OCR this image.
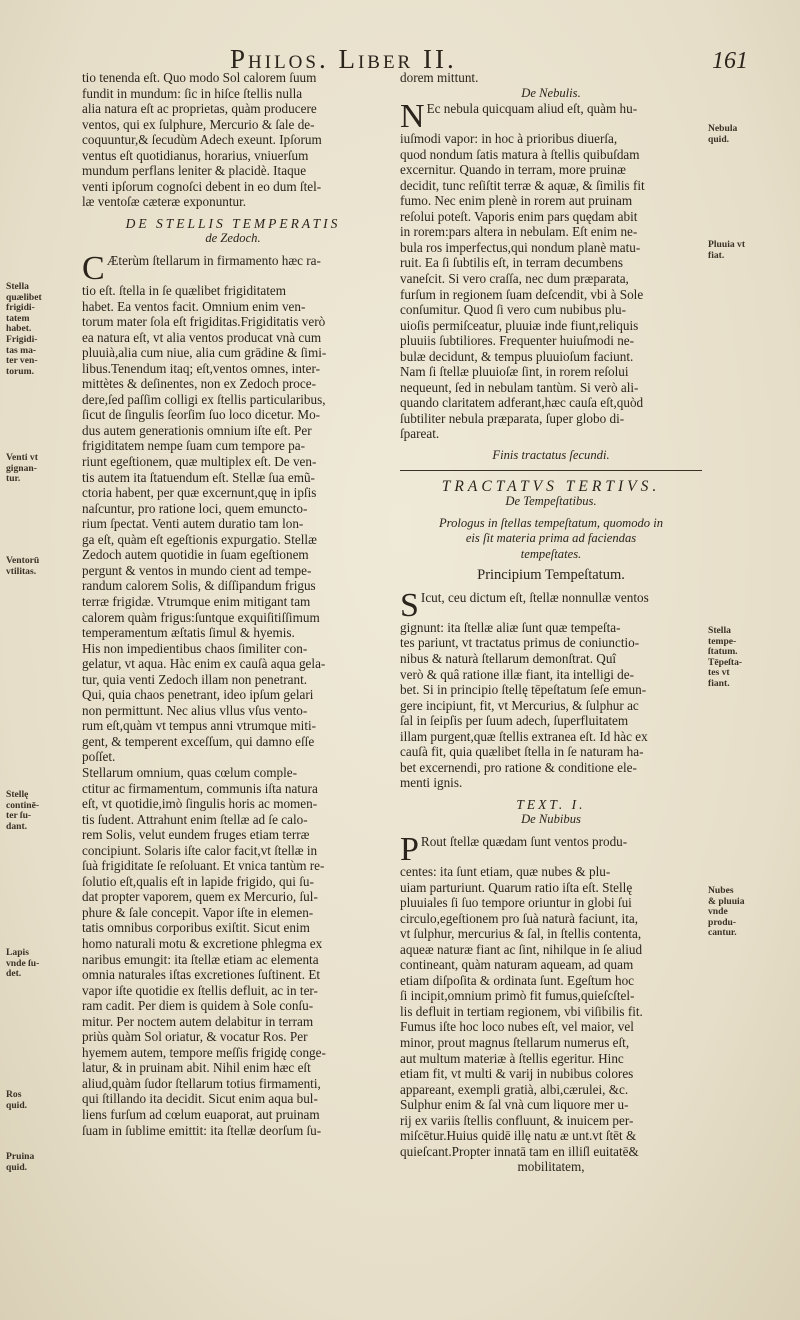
Philos. Liber II.	161
tio tenenda eſt. Quo modo Sol calorem ſuum
fundit in mundum: ſic in hiſce ſtellis nulla
alia natura eſt ac proprietas, quàm producere
ventos, qui ex ſulphure, Mercurio & ſale de-
coquuntur,& ſecudùm Adech exeunt. Ipſorum
ventus eſt quotidianus, horarius, vniuerſum
mundum perflans leniter & placidè. Itaque
venti ipſorum cognoſci debent in eo dum ſtel-
læ ventoſæ cæteræ exponuntur.
DE STELLIS TEMPERATIS
de Zedoch.
C Æterùm ſtellarum in firmamento hæc ra-
tio eſt. ſtella in ſe quælibet frigiditatem
habet. Ea ventos facit. Omnium enim ven-
torum mater ſola eſt frigiditas.Frigiditatis verò
ea natura eſt, vt alia ventos producat vnà cum
pluuià,alia cum niue, alia cum grādine & ſimi-
libus.Tenendum itaq; eſt,ventos omnes, inter-
mittètes & deſinentes, non ex Zedoch proce-
dere,ſed paſſim colligi ex ſtellis particularibus,
ſicut de ſingulis ſeorſim ſuo loco dicetur. Mo-
dus autem generationis omnium iſte eſt. Per
frigiditatem nempe ſuam cum tempore pa-
riunt egeſtionem, quæ multiplex eſt. De ven-
tis autem ita ſtatuendum eſt. Stellæ ſua emũ-
ctoria habent, per quæ excernunt,quę in ipſis
naſcuntur, pro ratione loci, quem emuncto-
rium ſpectat. Venti autem duratio tam lon-
ga eſt, quàm eſt egeſtionis expurgatio. Stellæ
Zedoch autem quotidie in ſuam egeſtionem
pergunt & ventos in mundo cient ad tempe-
randum calorem Solis, & diſſipandum frigus
terræ frigidæ. Vtrumque enim mitigant tam
calorem quàm frigus:ſuntque exquiſitiſſimum
temperamentum æſtatis ſimul & hyemis.
His non impedientibus chaos ſimiliter con-
gelatur, vt aqua. Hàc enim ex cauſà aqua gela-
tur, quia venti Zedoch illam non penetrant.
Qui, quia chaos penetrant, ideo ipſum gelari
non permittunt. Nec alius vllus vſus vento-
rum eſt,quàm vt tempus anni vtrumque miti-
gent, & temperent exceſſum, qui damno eſſe
poſſet.
Stellarum omnium, quas cœlum comple-
ctitur ac firmamentum, communis iſta natura
eſt, vt quotidie,imò ſingulis horis ac momen-
tis ſudent. Attrahunt enim ſtellæ ad ſe calo-
rem Solis, velut eundem fruges etiam terræ
concipiunt. Solaris iſte calor facit,vt ſtellæ in
ſuà frigiditate ſe reſoluant. Et vnica tantùm re-
ſolutio eſt,qualis eſt in lapide frigido, qui ſu-
dat propter vaporem, quem ex Mercurio, ſul-
phure & ſale concepit. Vapor iſte in elemen-
tatis omnibus corporibus exiſtit. Sicut enim
homo naturali motu & excretione phlegma ex
naribus emungit: ita ſtellæ etiam ac elementa
omnia naturales iſtas excretiones ſuſtinent. Et
vapor iſte quotidie ex ſtellis defluit, ac in ter-
ram cadit. Per diem is quidem à Sole conſu-
mitur. Per noctem autem delabitur in terram
priùs quàm Sol oriatur, & vocatur Ros. Per
hyemem autem, tempore meſſis frigidę conge-
latur, & in pruinam abit. Nihil enim hæc eſt
aliud,quàm ſudor ſtellarum totius firmamenti,
qui ſtillando ita decidit. Sicut enim aqua bul-
liens furſum ad cœlum euaporat, aut pruinam
ſuam in ſublime emittit: ita ſtellæ deorſum ſu-
dorem mittunt.
De Nebulis.
N Ec nebula quicquam aliud eſt, quàm hu-
iuſmodi vapor: in hoc à prioribus diuerſa,
quod nondum ſatis matura à ſtellis quibuſdam
excernitur. Quando in terram, more pruinæ
decidit, tunc reſiſtit terræ & aquæ, & ſimilis fit
fumo. Nec enim plenè in rorem aut pruinam
reſolui poteſt. Vaporis enim pars quędam abit
in rorem:pars altera in nebulam. Eſt enim ne-
bula ros imperfectus,qui nondum planè matu-
ruit. Ea ſi ſubtilis eſt, in terram decumbens
vaneſcit. Si vero craſſa, nec dum præparata,
furſum in regionem ſuam deſcendit, vbi à Sole
conſumitur. Quod ſi vero cum nubibus plu-
uioſis permiſceatur, pluuiæ inde fiunt,reliquis
pluuiis ſubtiliores. Frequenter huiuſmodi ne-
bulæ decidunt, & tempus pluuioſum faciunt.
Nam ſi ſtellæ pluuioſæ ſint, in rorem reſolui
nequeunt, ſed in nebulam tantùm. Si verò ali-
quando claritatem adferant,hæc cauſa eſt,quòd
ſubtiliter nebula præparata, ſuper globo di-
ſpareat.
Finis tractatus ſecundi.
TRACTATVS TERTIVS.
De Tempeſtatibus.
Prologus in ſtellas tempeſtatum, quomodo in
eis ſit materia prima ad faciendas
tempeſtates.
Principium Tempeſtatum.
S Icut, ceu dictum eſt, ſtellæ nonnullæ ventos
gignunt: ita ſtellæ aliæ ſunt quæ tempeſta-
tes pariunt, vt tractatus primus de coniunctio-
nibus & naturà ſtellarum demonſtrat. Quî
verò & quâ ratione illæ fiant, ita intelligi de-
bet. Si in principio ſtellę tēpeſtatum ſeſe emun-
gere incipiunt, fit, vt Mercurius, & ſulphur ac
ſal in ſeipſis per ſuum adech, ſuperfluitatem
illam purgent,quæ ſtellis extranea eſt. Id hàc ex
cauſà fit, quia quælibet ſtella in ſe naturam ha-
bet excernendi, pro ratione & conditione ele-
menti ignis.
TEXT. I.
De Nubibus
P Rout ſtellæ quædam ſunt ventos produ-
centes: ita ſunt etiam, quæ nubes & plu-
uiam parturiunt. Quarum ratio iſta eſt. Stellę
pluuiales ſi ſuo tempore oriuntur in globi ſui
circulo,egeſtionem pro ſuà naturà faciunt, ita,
vt ſulphur, mercurius & ſal, in ſtellis contenta,
aqueæ naturæ fiant ac ſint, nihilque in ſe aliud
contineant, quàm naturam aqueam, ad quam
etiam diſpoſita & ordinata ſunt. Egeſtum hoc
ſi incipit,omnium primò fit fumus,quieſcſtel-
lis defluit in tertiam regionem, vbi viſibilis fit.
Fumus iſte hoc loco nubes eſt, vel maior, vel
minor, prout magnus ſtellarum numerus eſt,
aut multum materiæ à ſtellis egeritur. Hinc
etiam fit, vt multi & varij in nubibus colores
appareant, exempli gratià, albi,cærulei, &c.
Sulphur enim & ſal vnà cum liquore mer u-
rij ex variis ſtellis confluunt, & inuicem per-
miſcētur.Huius quidē illę natu æ unt.vt ſtēt &
quieſcant.Propter innatā tam en illiſl euitatē&
mobilitatem,
Stella
quælibet
frigidi-
tatem
habet.
Frigidi-
tas ma-
ter ven-
torum.
Venti vt
gignan-
tur.
Ventorū
vtilitas.
Stellę
continē-
ter ſu-
dant.
Lapis
vnde ſu-
det.
Ros
quid.
Pruina
quid.
Nebula
quid.
Pluuia vt
fiat.
Stella
tempe-
ſtatum.
Tēpeſta-
tes vt
fiant.
Nubes
& pluuia
vnde
produ-
cantur.
